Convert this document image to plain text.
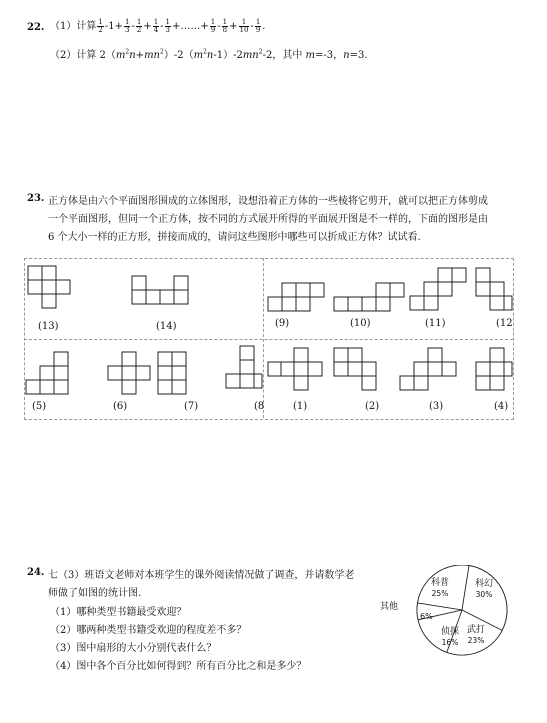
22. （1）计算 $\frac{1}{2} -1+ \frac{1}{3} - \frac{1}{2} + \frac{1}{4} - \frac{1}{3}$ +……+ $\frac{1}{9} - \frac{1}{8} + \frac{1}{10} - \frac{1}{9}$ .
（2）计算 $2(m^2n+mn^2)-2(m^2n-1)-2mn^2-2$，其中 m=-3，n=3.
23. 正方体是由六个平面图形围成的立体图形，设想沿着正方体的一些棱将它剪开，就可以把正方体剪成
一个平面图形，但同一个正方体，按不同的方式展开所得的平面展开图是不一样的，下面的图形是由
6 个大小一样的正方形，拼接而成的，请问这些图形中哪些可以折成正方体？试试看.
(13)	(14)	(9)	(10)	(11)	(12
(5)	(6)	(7)	(8	(1)	(2)	(3)	(4)
24. 七（3）班语文老师对本班学生的课外阅读情况做了调查，并请数学老
师做了如图的统计图.
（1）哪种类型书籍最受欢迎？
（2）哪两种类型书籍受欢迎的程度差不多？
（3）图中扇形的大小分别代表什么？
（4）图中各个百分比如何得到？所有百分比之和是多少？
科普
25%
科幻
30%
武打
23%
侦探
16%
其他
6%
